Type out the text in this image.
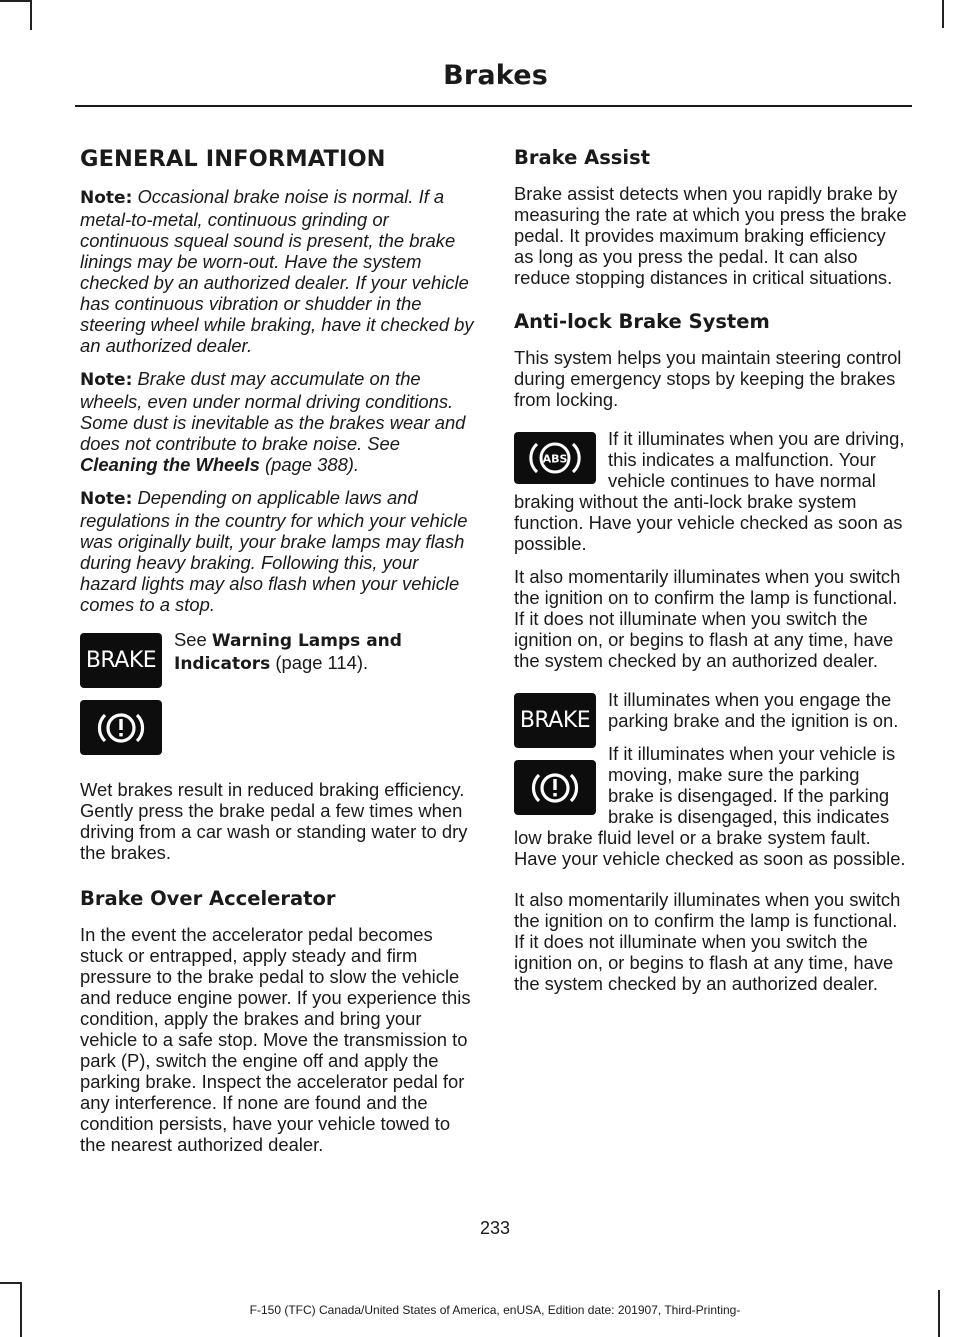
Brakes
GENERAL INFORMATION

Note: Occasional brake noise is normal. If a metal-to-metal, continuous grinding or continuous squeal sound is present, the brake linings may be worn-out. Have the system checked by an authorized dealer. If your vehicle has continuous vibration or shudder in the steering wheel while braking, have it checked by an authorized dealer.

Note: Brake dust may accumulate on the wheels, even under normal driving conditions. Some dust is inevitable as the brakes wear and does not contribute to brake noise. See Cleaning the Wheels (page 388).

Note: Depending on applicable laws and regulations in the country for which your vehicle was originally built, your brake lamps may flash during heavy braking. Following this, your hazard lights may also flash when your vehicle comes to a stop.

BRAKE

See Warning Lamps and Indicators (page 114).

Wet brakes result in reduced braking efficiency. Gently press the brake pedal a few times when driving from a car wash or standing water to dry the brakes.

Brake Over Accelerator

In the event the accelerator pedal becomes stuck or entrapped, apply steady and firm pressure to the brake pedal to slow the vehicle and reduce engine power. If you experience this condition, apply the brakes and bring your vehicle to a safe stop. Move the transmission to park (P), switch the engine off and apply the parking brake. Inspect the accelerator pedal for any interference. If none are found and the condition persists, have your vehicle towed to the nearest authorized dealer.

Brake Assist

Brake assist detects when you rapidly brake by measuring the rate at which you press the brake pedal. It provides maximum braking efficiency as long as you press the pedal. It can also reduce stopping distances in critical situations.

Anti-lock Brake System

This system helps you maintain steering control during emergency stops by keeping the brakes from locking.

ABS

If it illuminates when you are driving, this indicates a malfunction. Your vehicle continues to have normal braking without the anti-lock brake system function. Have your vehicle checked as soon as possible.

It also momentarily illuminates when you switch the ignition on to confirm the lamp is functional. If it does not illuminate when you switch the ignition on, or begins to flash at any time, have the system checked by an authorized dealer.

BRAKE

It illuminates when you engage the parking brake and the ignition is on.

If it illuminates when your vehicle is moving, make sure the parking brake is disengaged. If the parking brake is disengaged, this indicates low brake fluid level or a brake system fault. Have your vehicle checked as soon as possible.

It also momentarily illuminates when you switch the ignition on to confirm the lamp is functional. If it does not illuminate when you switch the ignition on, or begins to flash at any time, have the system checked by an authorized dealer.

233
F-150 (TFC) Canada/United States of America, enUSA, Edition date: 201907, Third-Printing-
